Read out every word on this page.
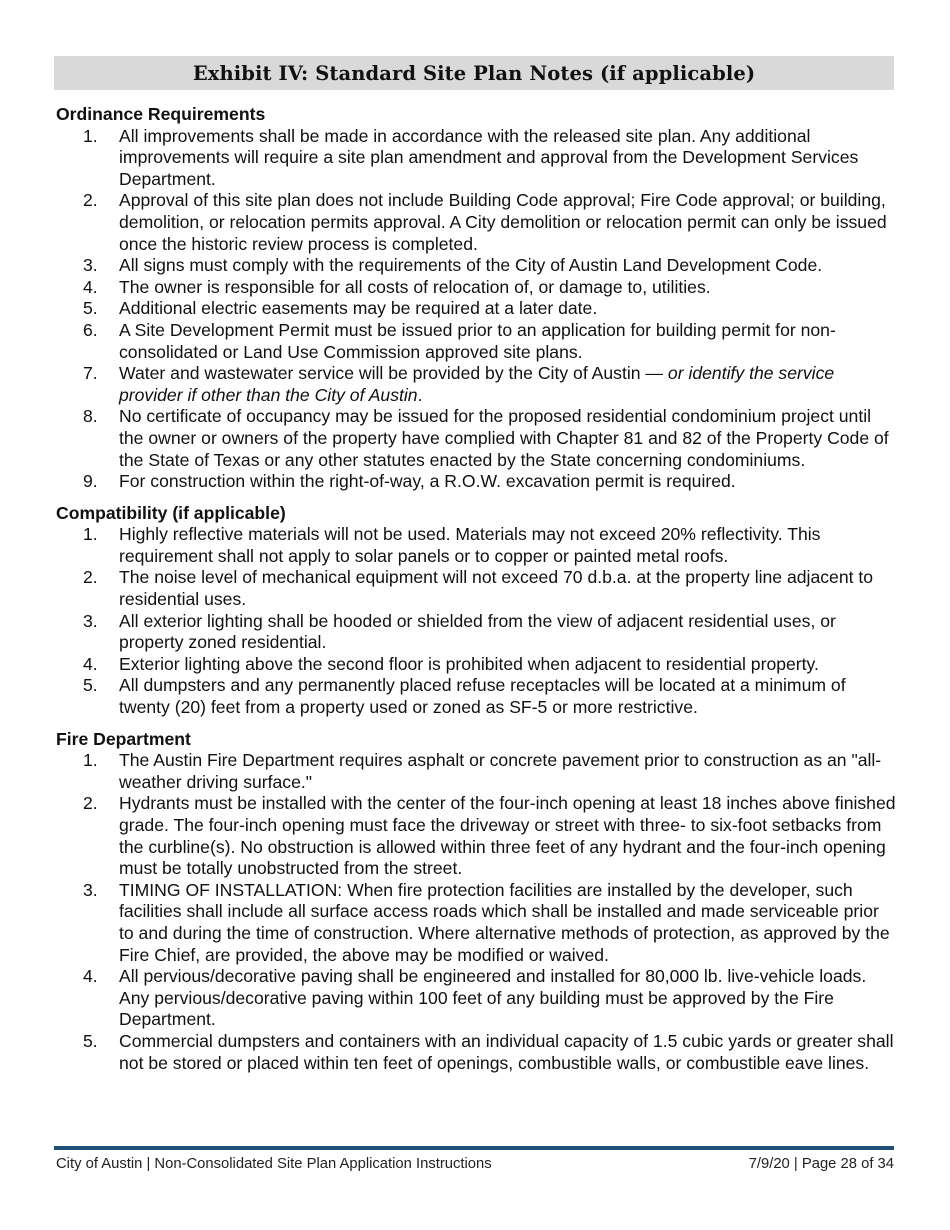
Exhibit IV: Standard Site Plan Notes (if applicable)
Ordinance Requirements
1. All improvements shall be made in accordance with the released site plan. Any additional improvements will require a site plan amendment and approval from the Development Services Department.
2. Approval of this site plan does not include Building Code approval; Fire Code approval; or building, demolition, or relocation permits approval. A City demolition or relocation permit can only be issued once the historic review process is completed.
3. All signs must comply with the requirements of the City of Austin Land Development Code.
4. The owner is responsible for all costs of relocation of, or damage to, utilities.
5. Additional electric easements may be required at a later date.
6. A Site Development Permit must be issued prior to an application for building permit for non-consolidated or Land Use Commission approved site plans.
7. Water and wastewater service will be provided by the City of Austin — or identify the service provider if other than the City of Austin.
8. No certificate of occupancy may be issued for the proposed residential condominium project until the owner or owners of the property have complied with Chapter 81 and 82 of the Property Code of the State of Texas or any other statutes enacted by the State concerning condominiums.
9. For construction within the right-of-way, a R.O.W. excavation permit is required.
Compatibility (if applicable)
1. Highly reflective materials will not be used. Materials may not exceed 20% reflectivity. This requirement shall not apply to solar panels or to copper or painted metal roofs.
2. The noise level of mechanical equipment will not exceed 70 d.b.a. at the property line adjacent to residential uses.
3. All exterior lighting shall be hooded or shielded from the view of adjacent residential uses, or property zoned residential.
4. Exterior lighting above the second floor is prohibited when adjacent to residential property.
5. All dumpsters and any permanently placed refuse receptacles will be located at a minimum of twenty (20) feet from a property used or zoned as SF-5 or more restrictive.
Fire Department
1. The Austin Fire Department requires asphalt or concrete pavement prior to construction as an "all-weather driving surface."
2. Hydrants must be installed with the center of the four-inch opening at least 18 inches above finished grade. The four-inch opening must face the driveway or street with three- to six-foot setbacks from the curbline(s). No obstruction is allowed within three feet of any hydrant and the four-inch opening must be totally unobstructed from the street.
3. TIMING OF INSTALLATION: When fire protection facilities are installed by the developer, such facilities shall include all surface access roads which shall be installed and made serviceable prior to and during the time of construction. Where alternative methods of protection, as approved by the Fire Chief, are provided, the above may be modified or waived.
4. All pervious/decorative paving shall be engineered and installed for 80,000 lb. live-vehicle loads. Any pervious/decorative paving within 100 feet of any building must be approved by the Fire Department.
5. Commercial dumpsters and containers with an individual capacity of 1.5 cubic yards or greater shall not be stored or placed within ten feet of openings, combustible walls, or combustible eave lines.
City of Austin | Non-Consolidated Site Plan Application Instructions	7/9/20 | Page 28 of 34
